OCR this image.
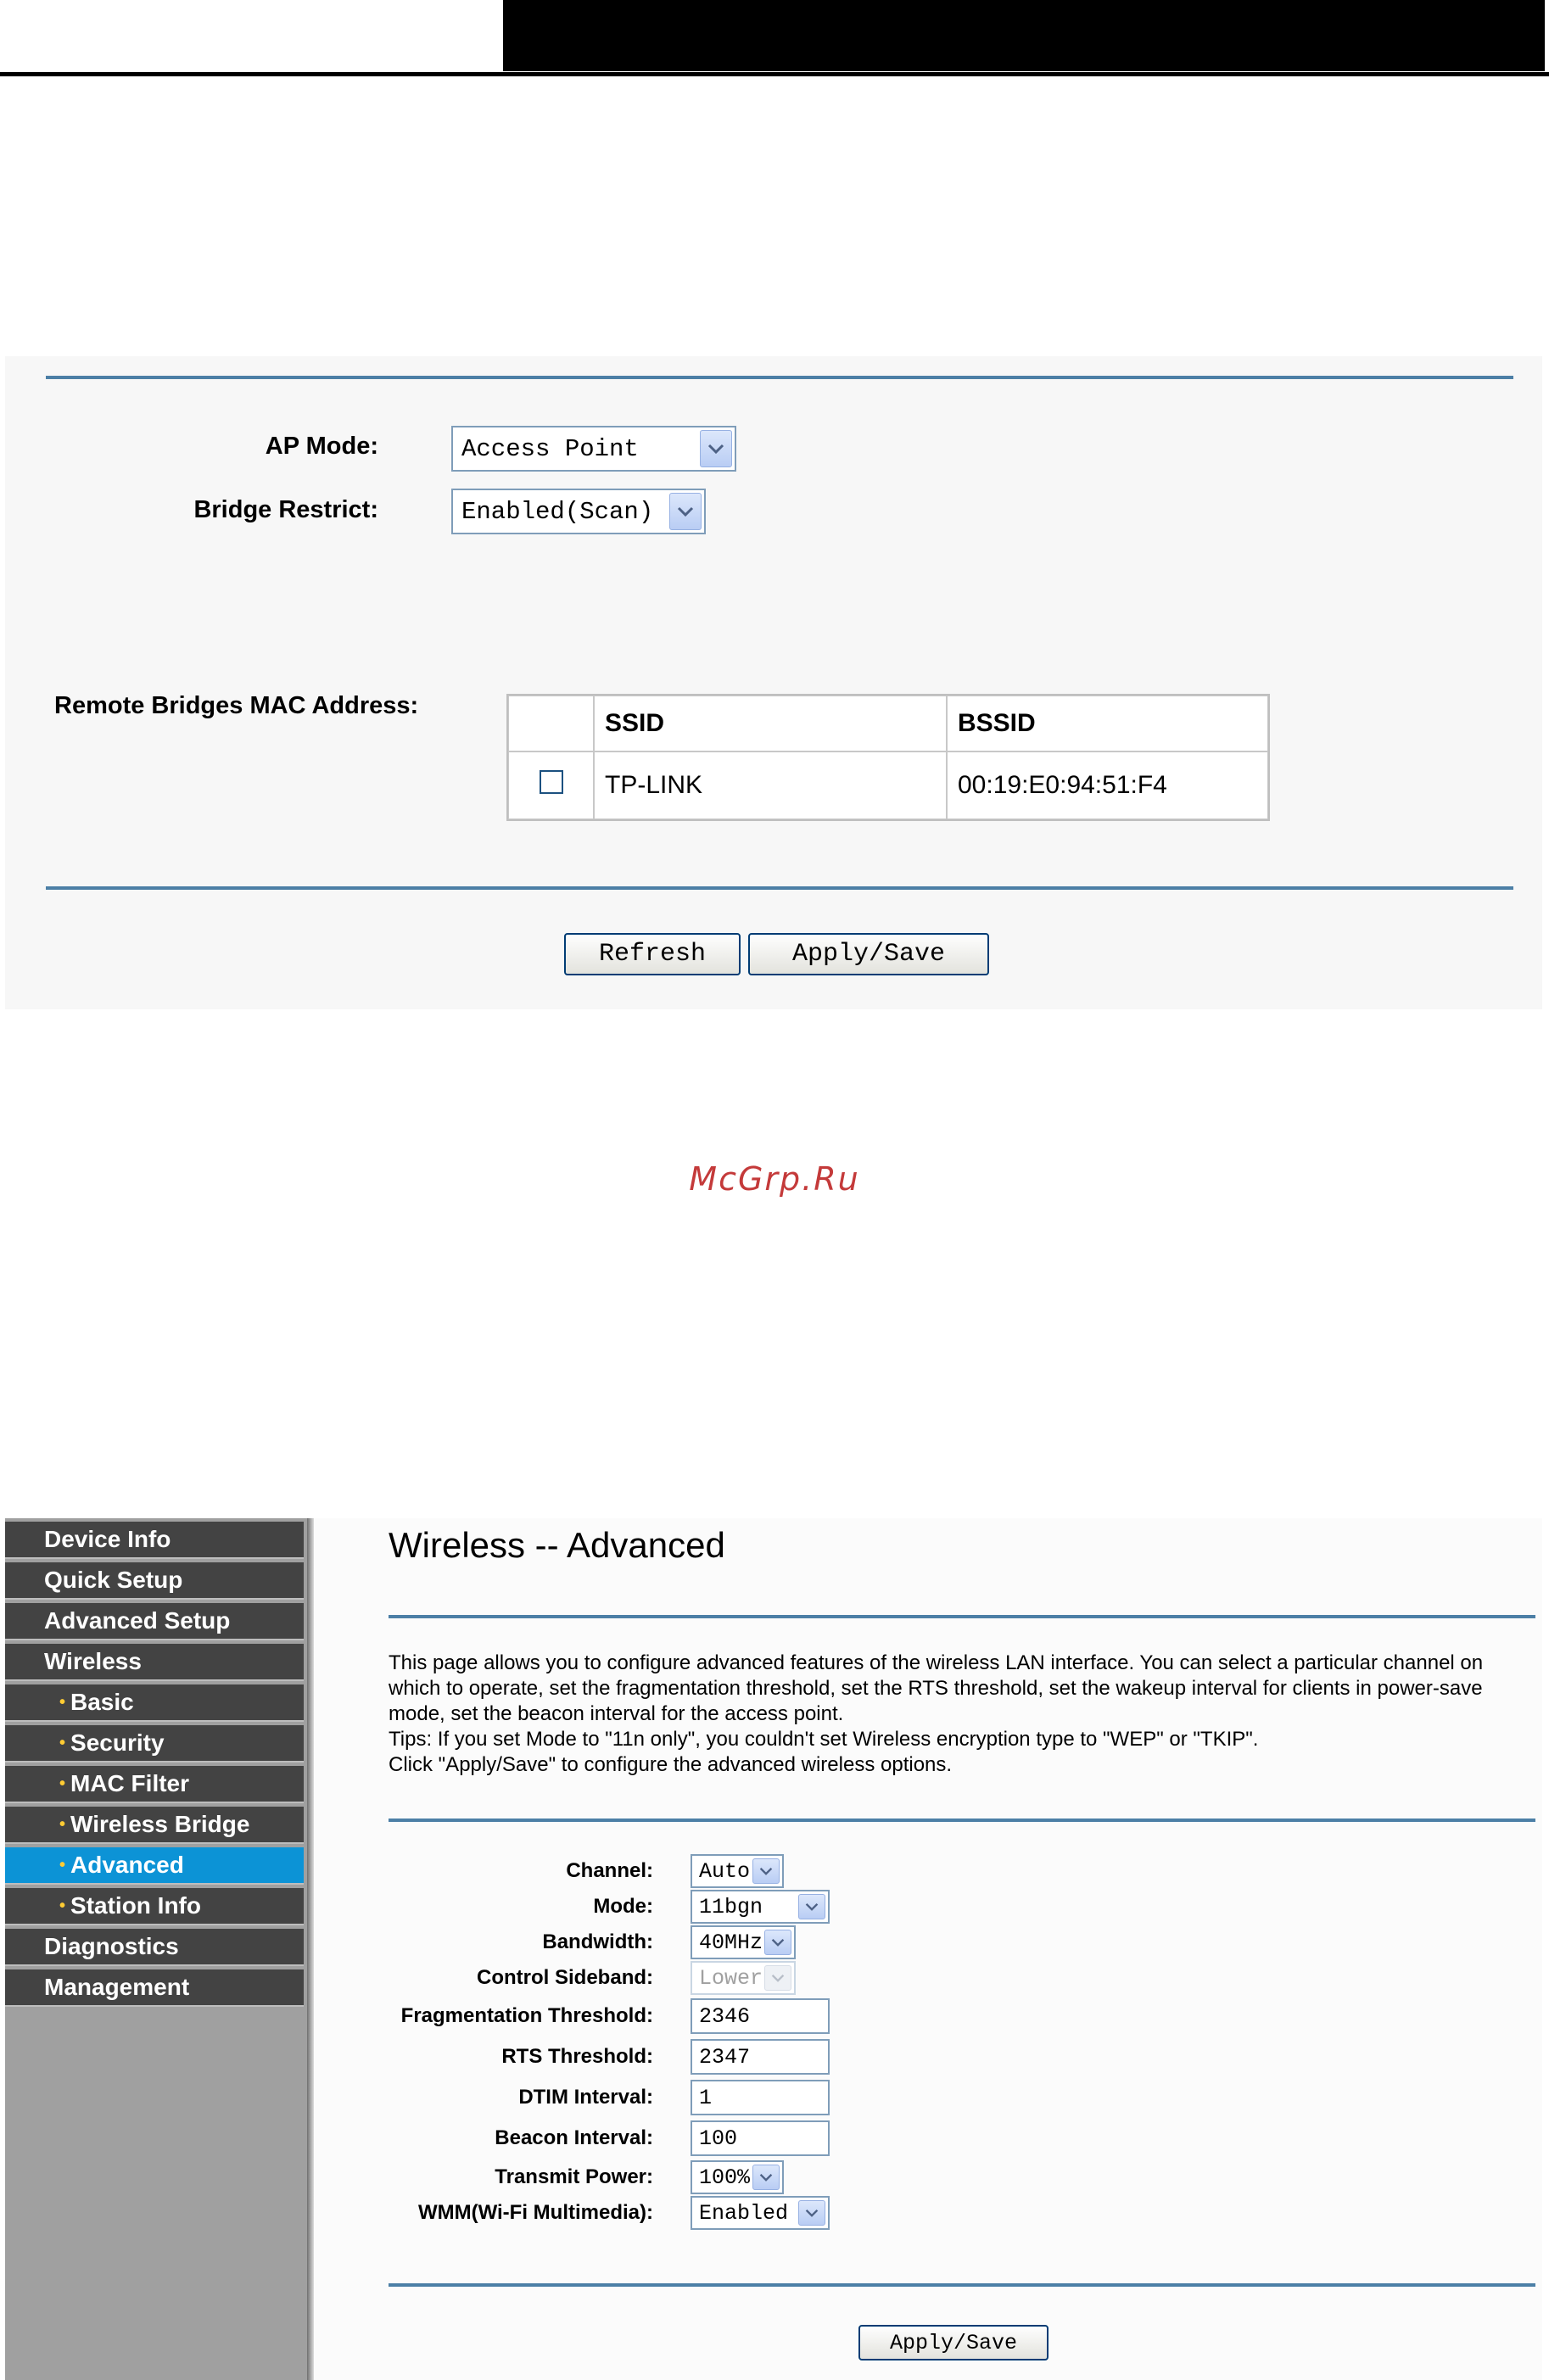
AP Mode:	Access Point
Bridge Restrict:	Enabled(Scan)
Remote Bridges MAC Address:
	SSID	BSSID
	TP-LINK	00:19:E0:94:51:F4
Refresh	Apply/Save
McGrp.Ru
Device Info
Quick Setup
Advanced Setup
Wireless
• Basic
• Security
• MAC Filter
• Wireless Bridge
• Advanced
• Station Info
Diagnostics
Management
Wireless -- Advanced
This page allows you to configure advanced features of the wireless LAN interface. You can select a particular channel on which to operate, set the fragmentation threshold, set the RTS threshold, set the wakeup interval for clients in power-save mode, set the beacon interval for the access point.
Tips: If you set Mode to "11n only", you couldn't set Wireless encryption type to "WEP" or "TKIP".
Click "Apply/Save" to configure the advanced wireless options.
Channel: Auto
Mode: 11bgn
Bandwidth: 40MHz
Control Sideband: Lower
Fragmentation Threshold:	2346
RTS Threshold:	2347
DTIM Interval:	1
Beacon Interval:	100
Transmit Power: 100%
WMM(Wi-Fi Multimedia): Enabled
Apply/Save
